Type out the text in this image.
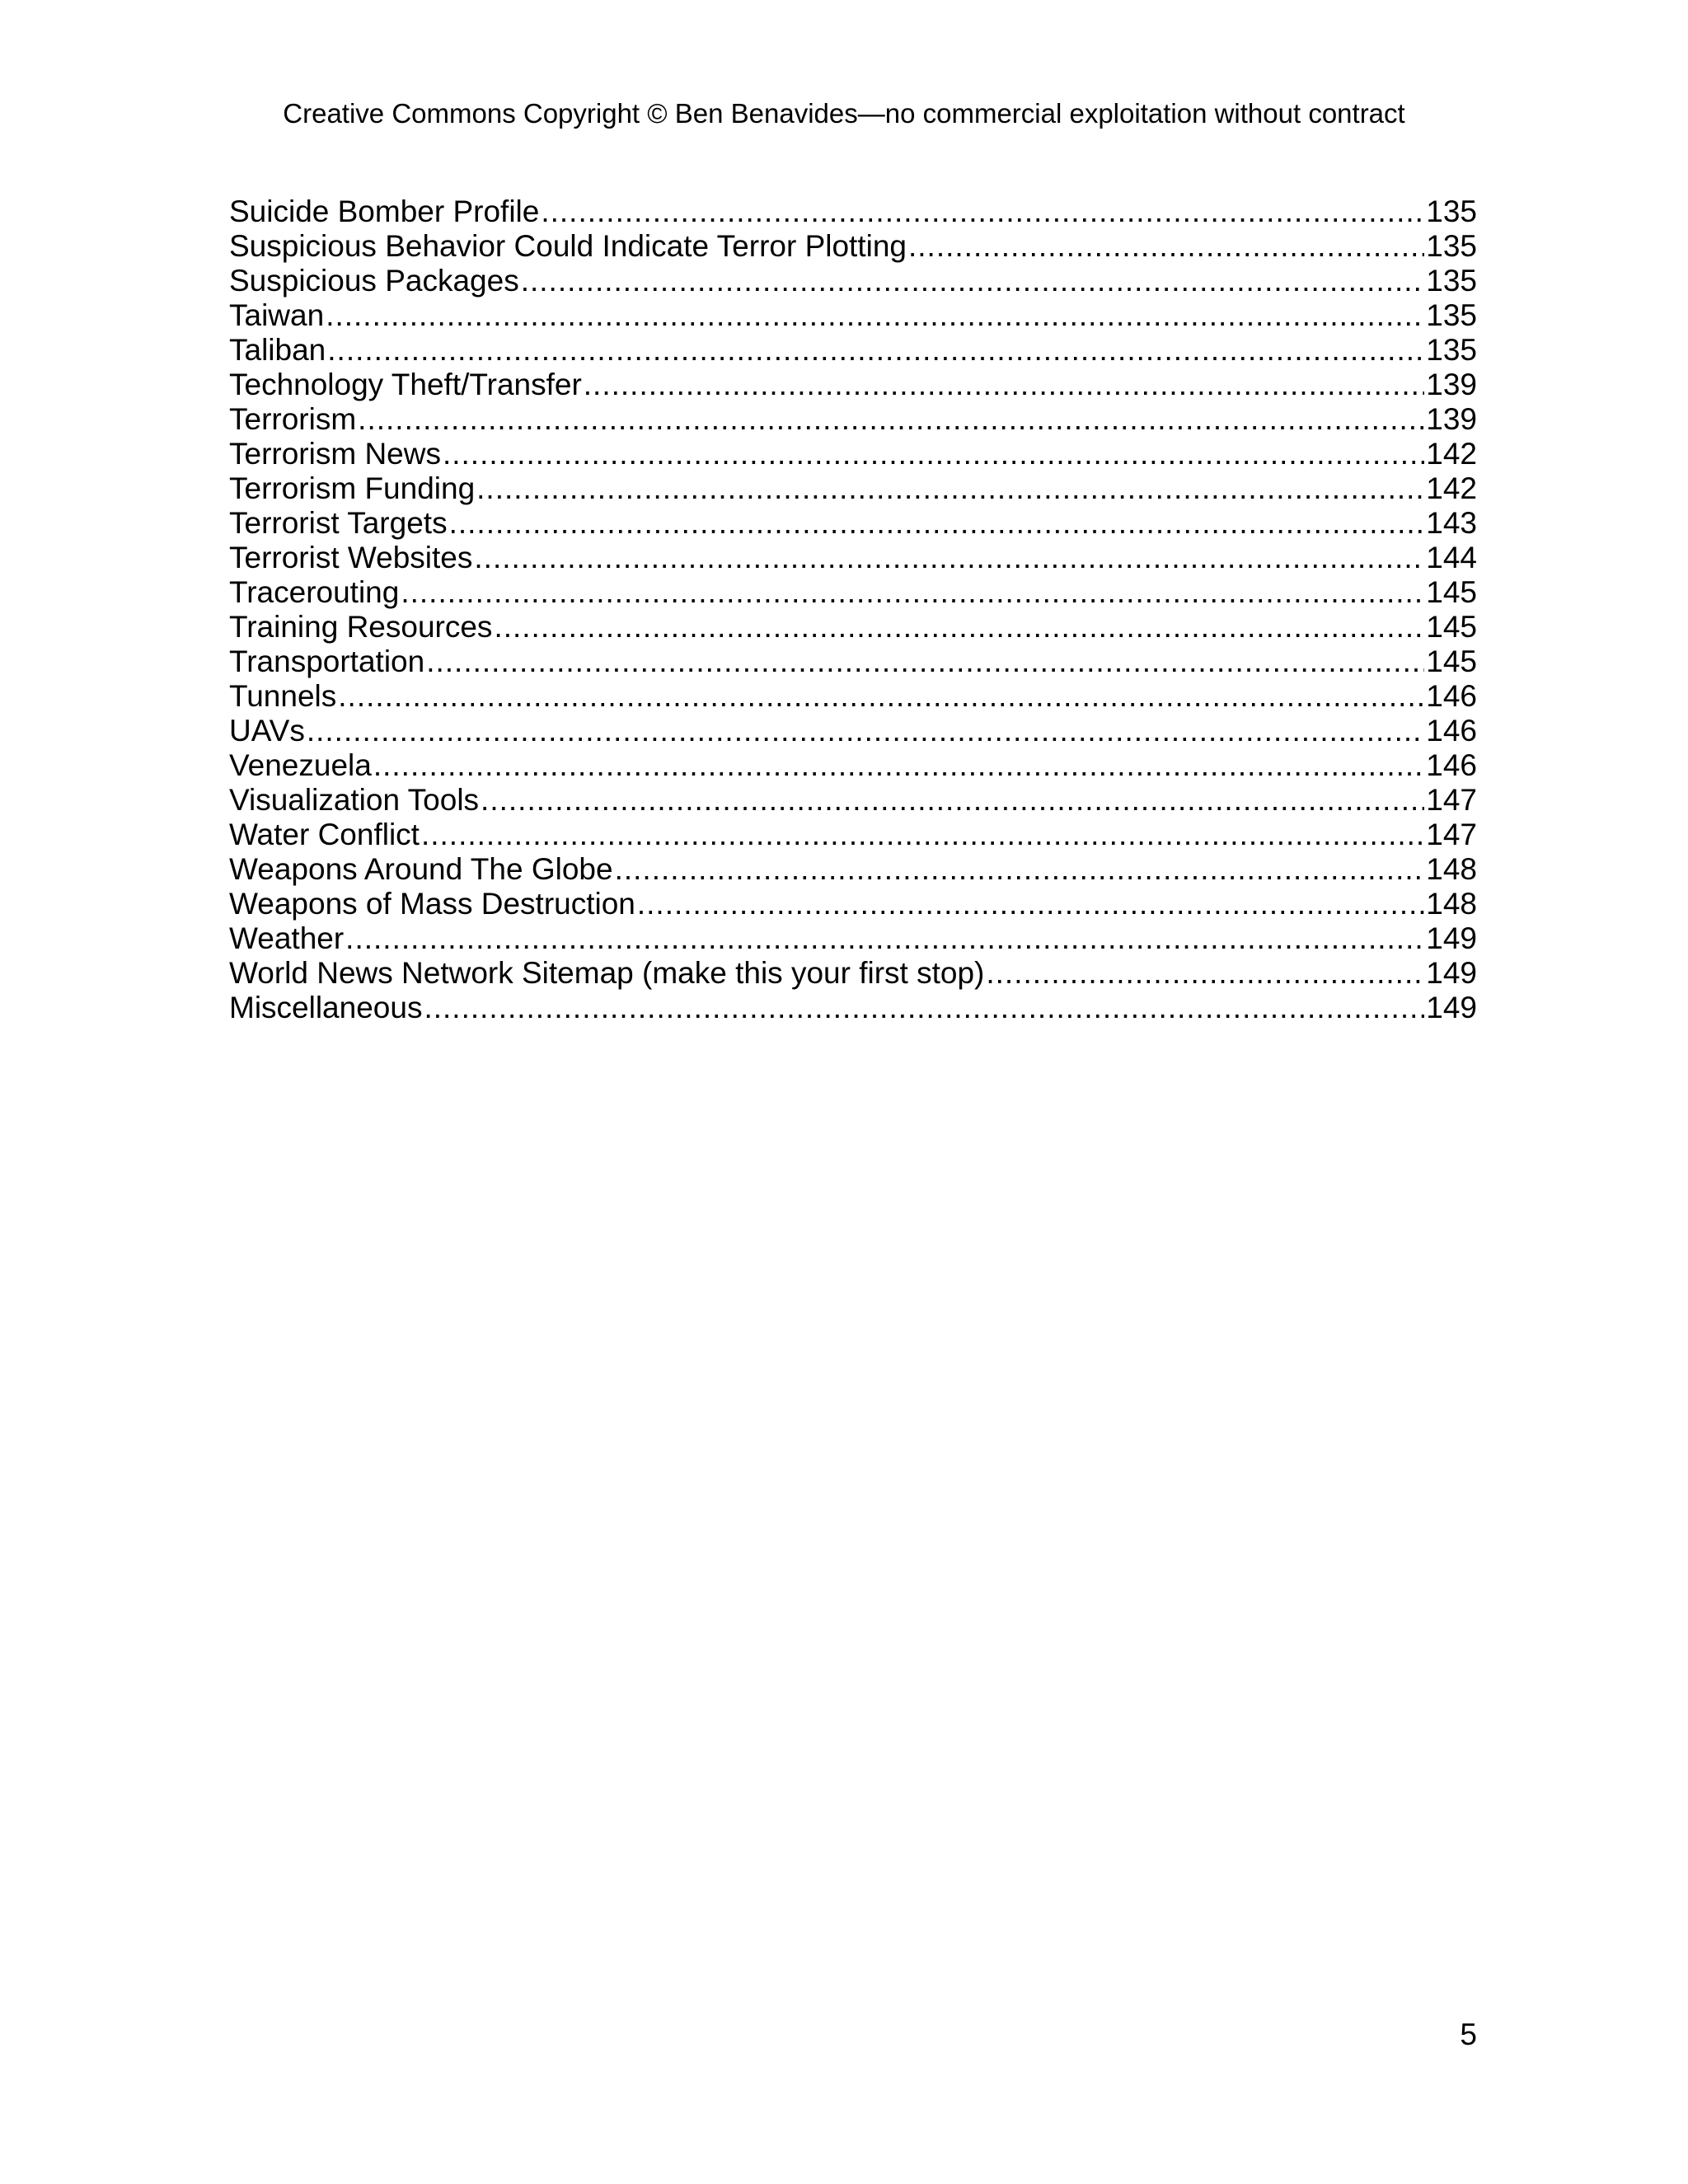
Creative Commons Copyright © Ben Benavides—no commercial exploitation without contract
Suicide Bomber Profile .....	135
Suspicious Behavior Could Indicate Terror Plotting .....	135
Suspicious Packages .....	135
Taiwan .....	135
Taliban .....	135
Technology Theft/Transfer .....	139
Terrorism .....	139
Terrorism News .....	142
Terrorism Funding .....	142
Terrorist Targets .....	143
Terrorist Websites .....	144
Tracerouting .....	145
Training Resources .....	145
Transportation .....	145
Tunnels .....	146
UAVs .....	146
Venezuela .....	146
Visualization Tools .....	147
Water Conflict .....	147
Weapons Around The Globe .....	148
Weapons of Mass Destruction .....	148
Weather .....	149
World News Network Sitemap (make this your first stop) .....	149
Miscellaneous .....	149
5
